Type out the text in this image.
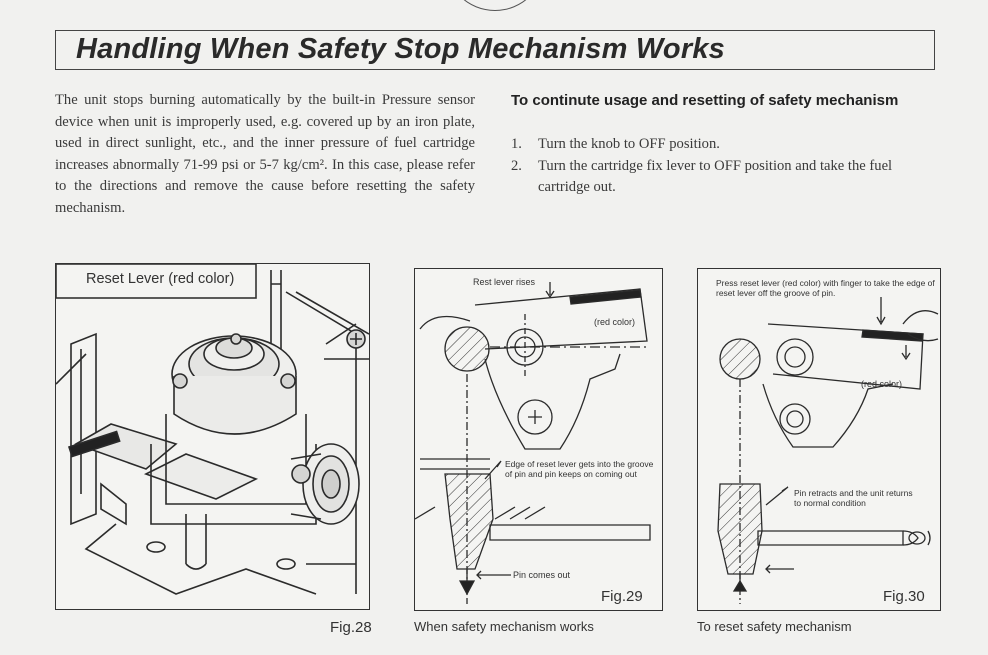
Handling When Safety Stop Mechanism Works
The unit stops burning automatically by the built-in Pressure sensor device when unit is improperly used, e.g. covered up by an iron plate, used in direct sunlight, etc., and the inner pressure of fuel cartridge increases abnormally 71-99 psi or 5-7 kg/cm². In this case, please refer to the directions and remove the cause before resetting the safety mechanism.
To continute usage and resetting of safety mechanism
1. Turn the knob to OFF position.
2. Turn the cartridge fix lever to OFF position and take the fuel cartridge out.
Reset Lever (red color)
Fig.28
Rest lever rises
(red color)
Edge of reset lever gets into the groove of pin and pin keeps on coming out
Pin comes out
Fig.29
When safety mechanism works
Press reset lever (red color) with finger to take the edge of reset lever off the groove of pin.
(red color)
Pin retracts and the unit returns to normal condition
Fig.30
To reset safety mechanism
